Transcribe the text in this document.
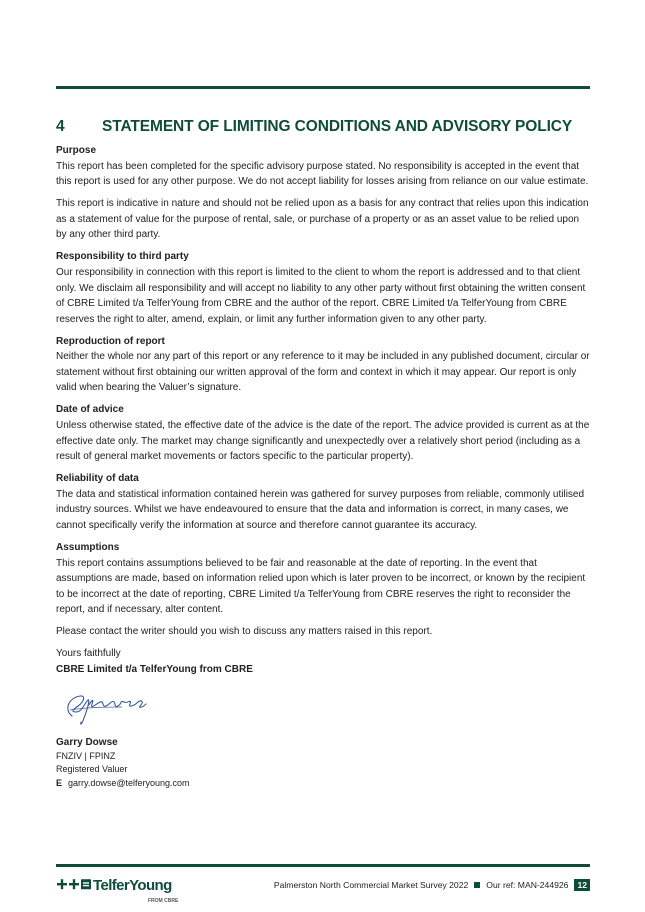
4 STATEMENT OF LIMITING CONDITIONS AND ADVISORY POLICY
Purpose

This report has been completed for the specific advisory purpose stated. No responsibility is accepted in the event that this report is used for any other purpose. We do not accept liability for losses arising from reliance on our value estimate.

This report is indicative in nature and should not be relied upon as a basis for any contract that relies upon this indication as a statement of value for the purpose of rental, sale, or purchase of a property or as an asset value to be relied upon by any other third party.

Responsibility to third party

Our responsibility in connection with this report is limited to the client to whom the report is addressed and to that client only. We disclaim all responsibility and will accept no liability to any other party without first obtaining the written consent of CBRE Limited t/a TelferYoung from CBRE and the author of the report. CBRE Limited t/a TelferYoung from CBRE reserves the right to alter, amend, explain, or limit any further information given to any other party.

Reproduction of report

Neither the whole nor any part of this report or any reference to it may be included in any published document, circular or statement without first obtaining our written approval of the form and context in which it may appear. Our report is only valid when bearing the Valuer’s signature.

Date of advice

Unless otherwise stated, the effective date of the advice is the date of the report. The advice provided is current as at the effective date only. The market may change significantly and unexpectedly over a relatively short period (including as a result of general market movements or factors specific to the particular property).

Reliability of data

The data and statistical information contained herein was gathered for survey purposes from reliable, commonly utilised industry sources. Whilst we have endeavoured to ensure that the data and information is correct, in many cases, we cannot specifically verify the information at source and therefore cannot guarantee its accuracy.

Assumptions

This report contains assumptions believed to be fair and reasonable at the date of reporting. In the event that assumptions are made, based on information relied upon which is later proven to be incorrect, or known by the recipient to be incorrect at the date of reporting, CBRE Limited t/a TelferYoung from CBRE reserves the right to reconsider the report, and if necessary, alter content.

Please contact the writer should you wish to discuss any matters raised in this report.

Yours faithfully

CBRE Limited t/a TelferYoung from CBRE

Garry Dowse
FNZIV | FPINZ
Registered Valuer
E garry.dowse@telferyoung.com
TelferYoung
FROM CBRE
Palmerston North Commercial Market Survey 2022 Our ref: MAN-244926	12
